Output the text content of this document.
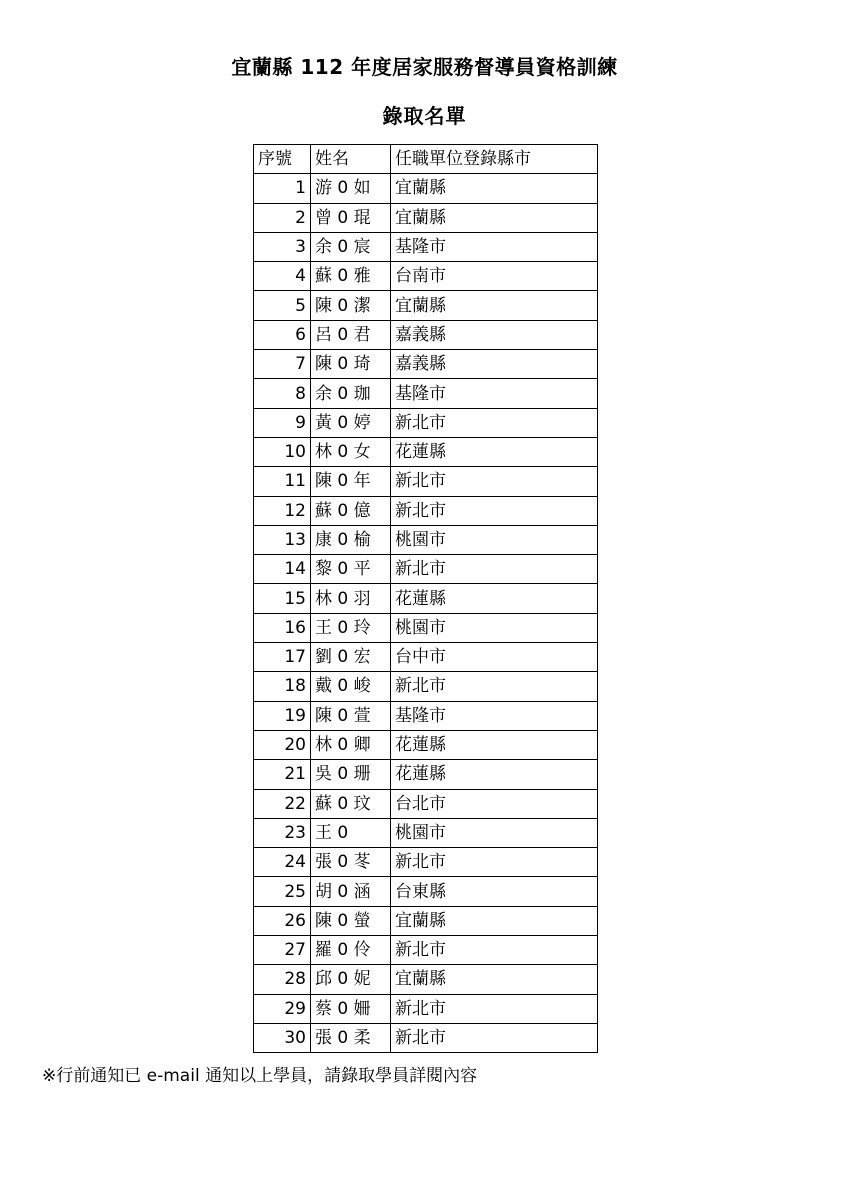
宜蘭縣 112 年度居家服務督導員資格訓練
錄取名單
序號	姓名	任職單位登錄縣市
1	游 0 如	宜蘭縣
2	曾 0 琨	宜蘭縣
3	余 0 宸	基隆市
4	蘇 0 雅	台南市
5	陳 0 潔	宜蘭縣
6	呂 0 君	嘉義縣
7	陳 0 琦	嘉義縣
8	余 0 珈	基隆市
9	黃 0 婷	新北市
10	林 0 女	花蓮縣
11	陳 0 年	新北市
12	蘇 0 億	新北市
13	康 0 榆	桃園市
14	黎 0 平	新北市
15	林 0 羽	花蓮縣
16	王 0 玲	桃園市
17	劉 0 宏	台中市
18	戴 0 峻	新北市
19	陳 0 萱	基隆市
20	林 0 卿	花蓮縣
21	吳 0 珊	花蓮縣
22	蘇 0 玟	台北市
23	王 0	桃園市
24	張 0 苳	新北市
25	胡 0 涵	台東縣
26	陳 0 螢	宜蘭縣
27	羅 0 伶	新北市
28	邱 0 妮	宜蘭縣
29	蔡 0 姍	新北市
30	張 0 柔	新北市
※行前通知已 e-mail 通知以上學員，請錄取學員詳閱內容
